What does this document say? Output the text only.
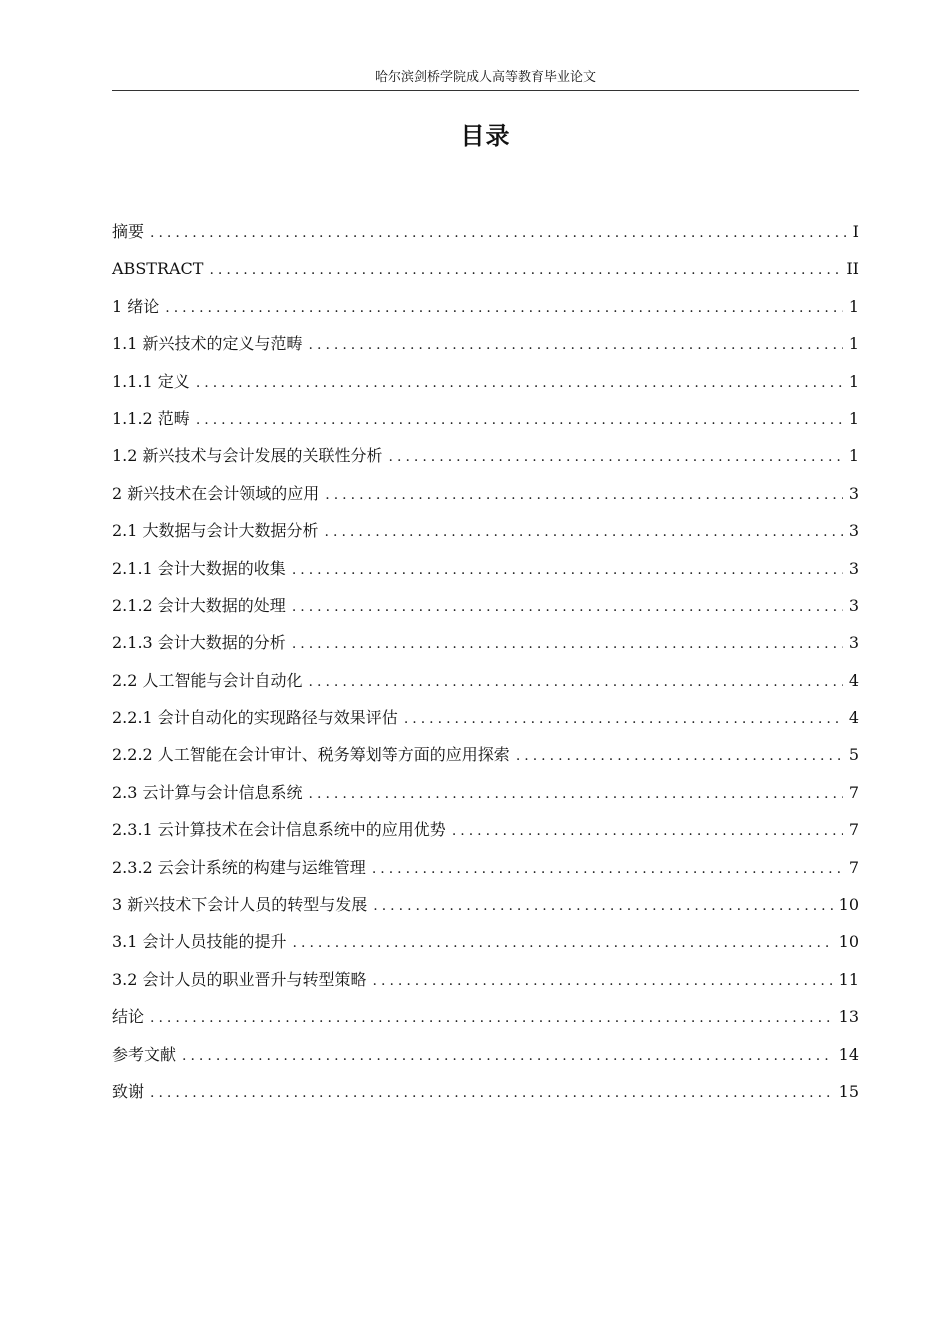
哈尔滨剑桥学院成人高等教育毕业论文
目录
摘要 .....	I
ABSTRACT .....	II
1 绪论 .....	1
1.1 新兴技术的定义与范畴 .....	1
1.1.1 定义 .....	1
1.1.2 范畴 .....	1
1.2 新兴技术与会计发展的关联性分析 .....	1
2 新兴技术在会计领域的应用 .....	3
2.1 大数据与会计大数据分析 .....	3
2.1.1 会计大数据的收集 .....	3
2.1.2 会计大数据的处理 .....	3
2.1.3 会计大数据的分析 .....	3
2.2 人工智能与会计自动化 .....	4
2.2.1 会计自动化的实现路径与效果评估 .....	4
2.2.2 人工智能在会计审计、税务筹划等方面的应用探索 .....	5
2.3 云计算与会计信息系统 .....	7
2.3.1 云计算技术在会计信息系统中的应用优势 .....	7
2.3.2 云会计系统的构建与运维管理 .....	7
3 新兴技术下会计人员的转型与发展 .....	10
3.1 会计人员技能的提升 .....	10
3.2 会计人员的职业晋升与转型策略 .....	11
结论 .....	13
参考文献 .....	14
致谢 .....	15
